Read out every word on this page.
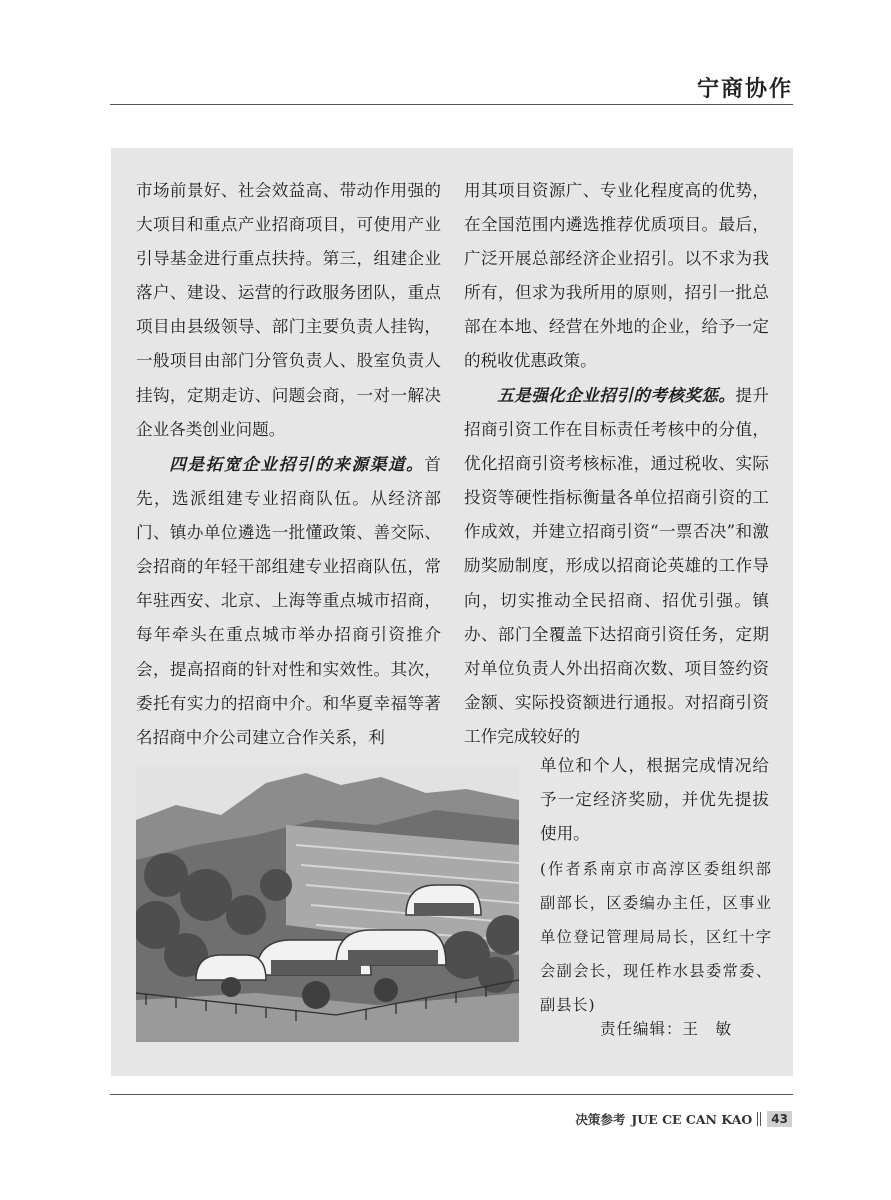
宁商协作

市场前景好、社会效益高、带动作用强的大项目和重点产业招商项目，可使用产业引导基金进行重点扶持。第三，组建企业落户、建设、运营的行政服务团队，重点项目由县级领导、部门主要负责人挂钩，一般项目由部门分管负责人、股室负责人挂钩，定期走访、问题会商，一对一解决企业各类创业问题。

四是拓宽企业招引的来源渠道。首先，选派组建专业招商队伍。从经济部门、镇办单位遴选一批懂政策、善交际、会招商的年轻干部组建专业招商队伍，常年驻西安、北京、上海等重点城市招商，每年牵头在重点城市举办招商引资推介会，提高招商的针对性和实效性。其次，委托有实力的招商中介。和华夏幸福等著名招商中介公司建立合作关系，利

用其项目资源广、专业化程度高的优势，在全国范围内遴选推荐优质项目。最后，广泛开展总部经济企业招引。以不求为我所有，但求为我所用的原则，招引一批总部在本地、经营在外地的企业，给予一定的税收优惠政策。

五是强化企业招引的考核奖惩。提升招商引资工作在目标责任考核中的分值，优化招商引资考核标准，通过税收、实际投资等硬性指标衡量各单位招商引资的工作成效，并建立招商引资“一票否决”和激励奖励制度，形成以招商论英雄的工作导向，切实推动全民招商、招优引强。镇办、部门全覆盖下达招商引资任务，定期对单位负责人外出招商次数、项目签约资金额、实际投资额进行通报。对招商引资工作完成较好的

单位和个人，根据完成情况给予一定经济奖励，并优先提拔使用。

(作者系南京市高淳区委组织部副部长，区委编办主任，区事业单位登记管理局局长，区红十字会副会长，现任柞水县委常委、副县长)

责任编辑：王　敏
决策参考 JUE CE CAN KAO	43
